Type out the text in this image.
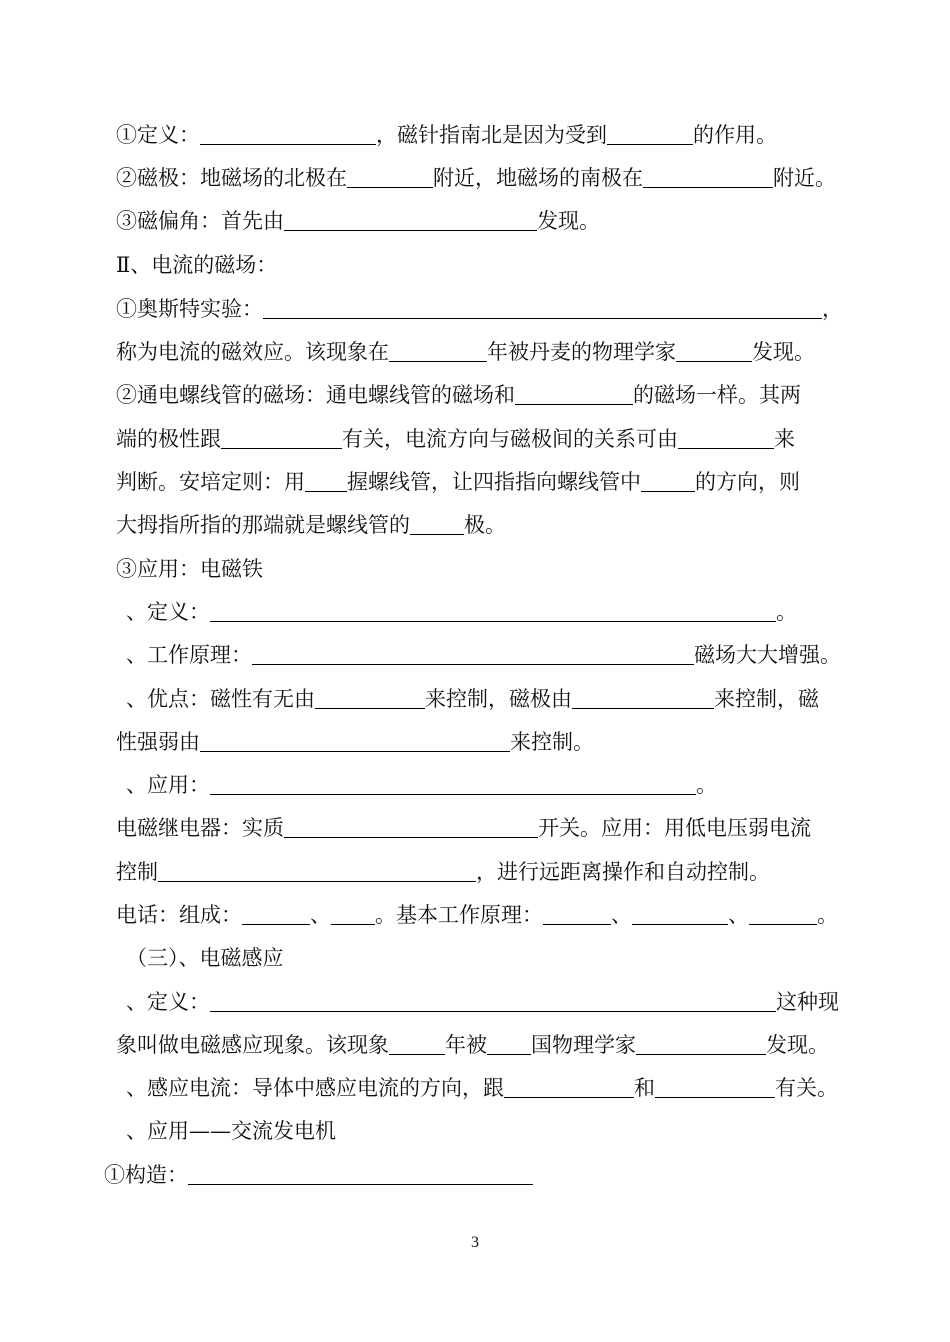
①定义：	，磁针指南北是因为受到	的作用。
②磁极：地磁场的北极在	附近，地磁场的南极在	附近。
③磁偏角：首先由	发现。
Ⅱ、电流的磁场：
①奥斯特实验：	，
称为电流的磁效应。该现象在	年被丹麦的物理学家	发现。
②通电螺线管的磁场：通电螺线管的磁场和	的磁场一样。其两
端的极性跟	有关，电流方向与磁极间的关系可由	来
判断。安培定则：用 握螺线管，让四指指向螺线管中	的方向，则
大拇指所指的那端就是螺线管的	极。
③应用：电磁铁
、定义：	。
、工作原理：	磁场大大增强。
、优点：磁性有无由	来控制，磁极由	来控制，磁
性强弱由	来控制。
、应用：	。
电磁继电器：实质	开关。应用：用低电压弱电流
控制	，进行远距离操作和自动控制。
电话：组成：	、 。基本工作原理：	、	、	。
（三）、电磁感应
、定义：	这种现
象叫做电磁感应现象。该现象	年被 国物理学家	发现。
、感应电流：导体中感应电流的方向，跟	和	有关。
、应用——交流发电机
①构造：
3
